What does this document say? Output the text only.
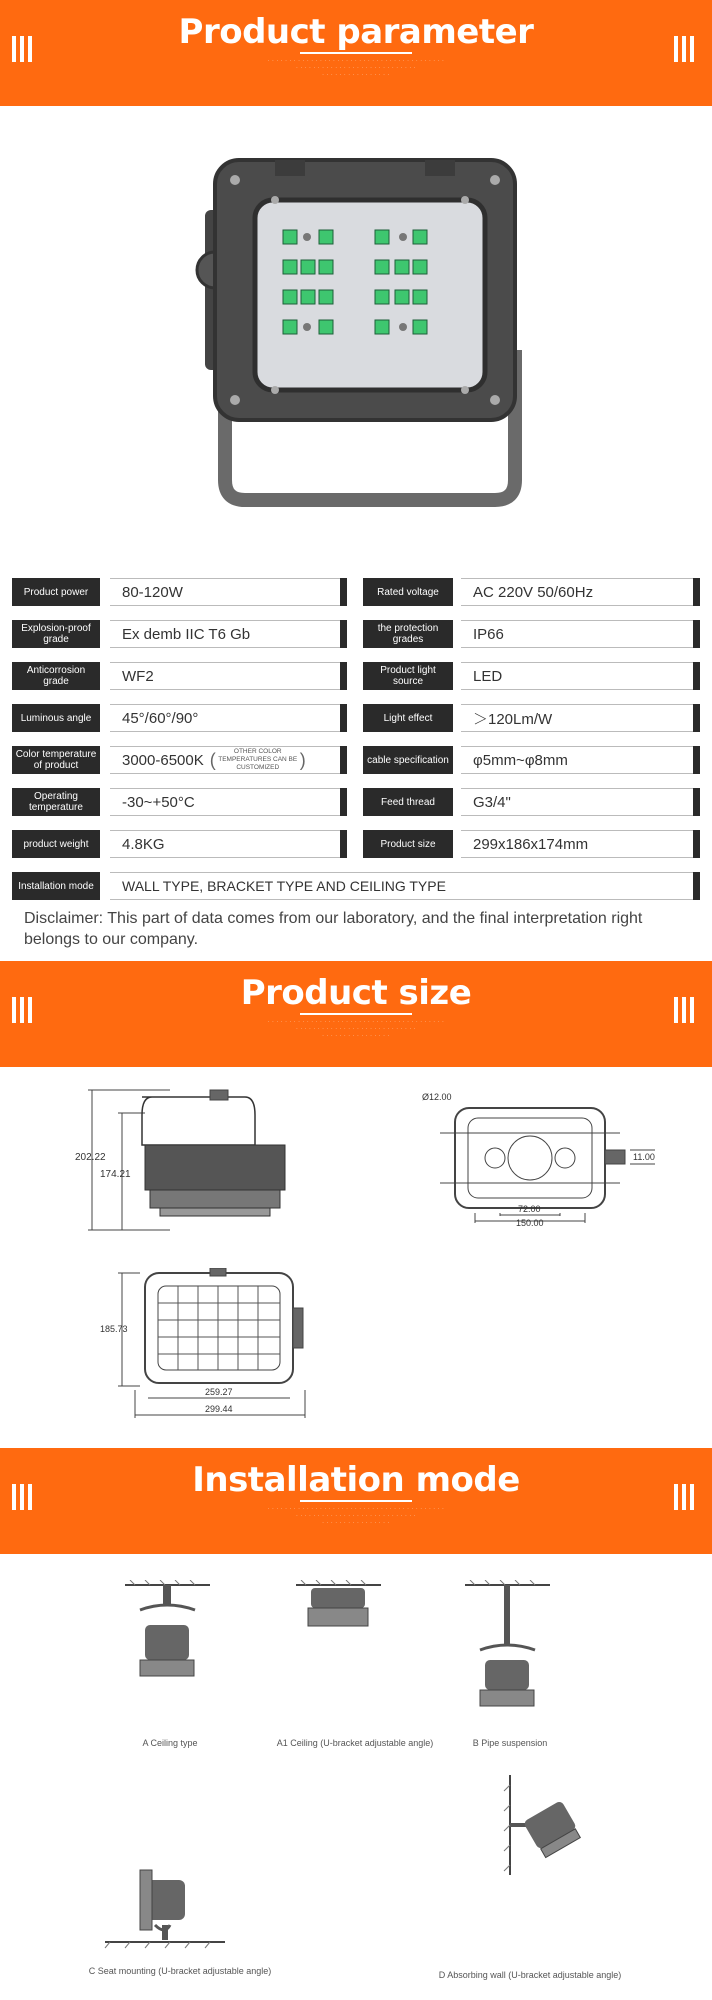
Product parameter
· · · · · · · · · · · · · · · · · · · · · · · · · · · · · · · · · · · · · · · · ·
· · · · · · · · · · · · · · · · · · · · · · · · · · · ·
· · · · · · · · · · · · · · · ·
Product power	80-120W	Rated voltage	AC 220V 50/60Hz
Explosion-proof grade	Ex demb IIC T6 Gb	the protection grades	IP66
Anticorrosion grade	WF2	Product light source	LED
Luminous angle	45°/60°/90°	Light effect	＞120Lm/W
Color temperature of product	3000-6500K (	OTHER COLOR TEMPERATURES CAN BE CUSTOMIZED	)	cable specification	φ5mm~φ8mm
Operating temperature	-30~+50°C	Feed thread	G3/4"
product weight	4.8KG	Product size	299x186x174mm
Installation mode	WALL TYPE, BRACKET TYPE AND CEILING TYPE
Disclaimer: This part of data comes from our laboratory, and the final interpretation right belongs to our company.
Product size
· · · · · · · · · · · · · · · · · · · · · · · · · · · · · · · · · · · · · · · · ·
· · · · · · · · · · · · · · · · · · · · · · · · · · · ·
· · · · · · · · · · · · · · · ·
202.22
174.21
Ø12.00
11.00
72.00
150.00
185.73
259.27
299.44
Installation mode
· · · · · · · · · · · · · · · · · · · · · · · · · · · · · · · · · · · · · · · · ·
· · · · · · · · · · · · · · · · · · · · · · · · · · · ·
· · · · · · · · · · · · · · · ·
A Ceiling type	A1 Ceiling (U-bracket adjustable angle)	B Pipe suspension
C Seat mounting (U-bracket adjustable angle)	D Absorbing wall (U-bracket adjustable angle)
